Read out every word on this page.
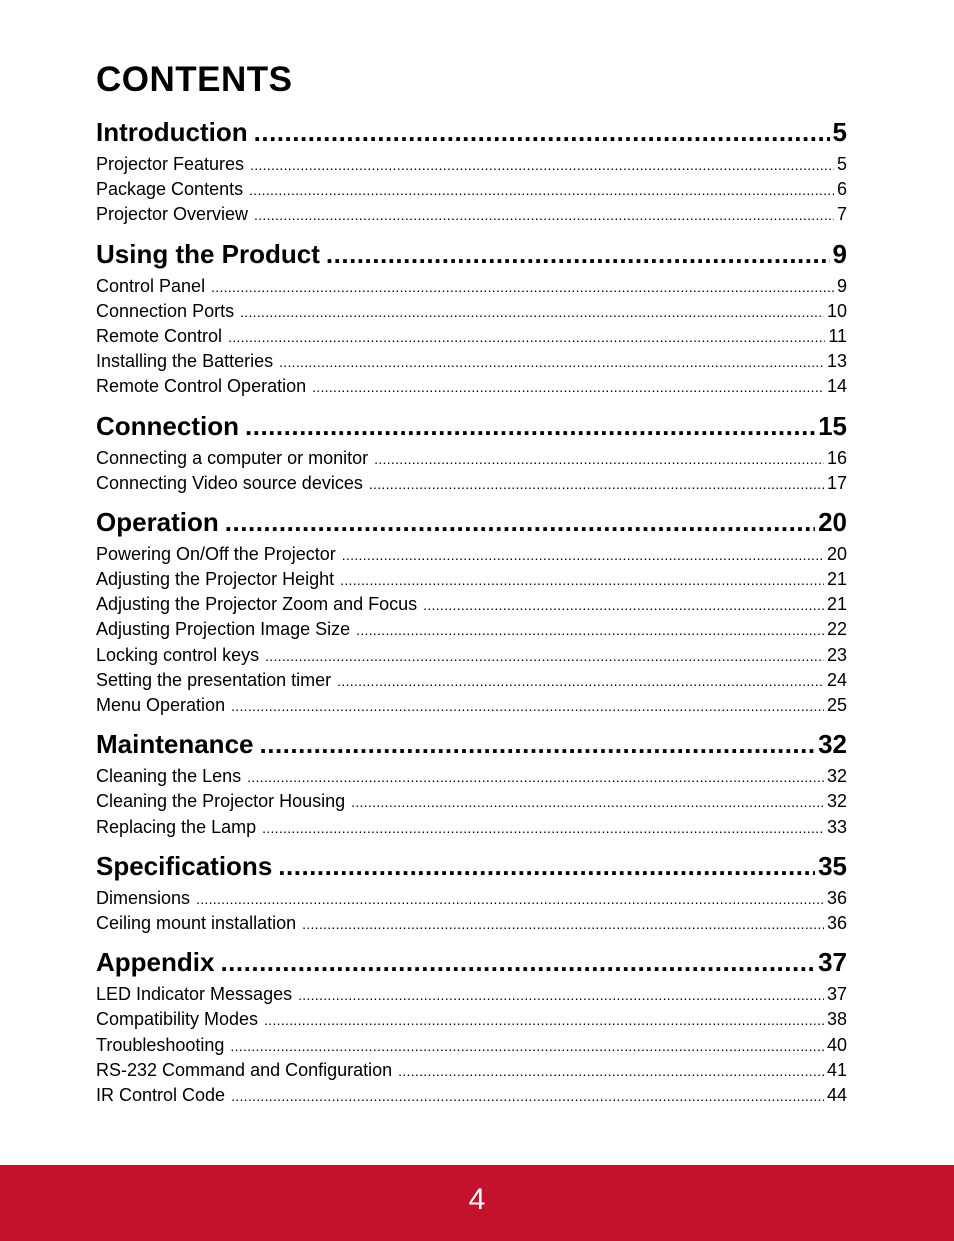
CONTENTS
Introduction .....	5
Projector Features .....	5
Package Contents .....	6
Projector Overview .....	7
Using the Product .....	9
Control Panel .....	9
Connection Ports .....	10
Remote Control .....	11
Installing the Batteries .....	13
Remote Control Operation .....	14
Connection .....	15
Connecting a computer or monitor .....	16
Connecting Video source devices .....	17
Operation .....	20
Powering On/Off the Projector .....	20
Adjusting the Projector Height .....	21
Adjusting the Projector Zoom and Focus .....	21
Adjusting Projection Image Size .....	22
Locking control keys .....	23
Setting the presentation timer .....	24
Menu Operation .....	25
Maintenance .....	32
Cleaning the Lens .....	32
Cleaning the Projector Housing .....	32
Replacing the Lamp .....	33
Specifications .....	35
Dimensions .....	36
Ceiling mount installation .....	36
Appendix .....	37
LED Indicator Messages .....	37
Compatibility Modes .....	38
Troubleshooting .....	40
RS-232 Command and Configuration .....	41
IR Control Code .....	44
4
